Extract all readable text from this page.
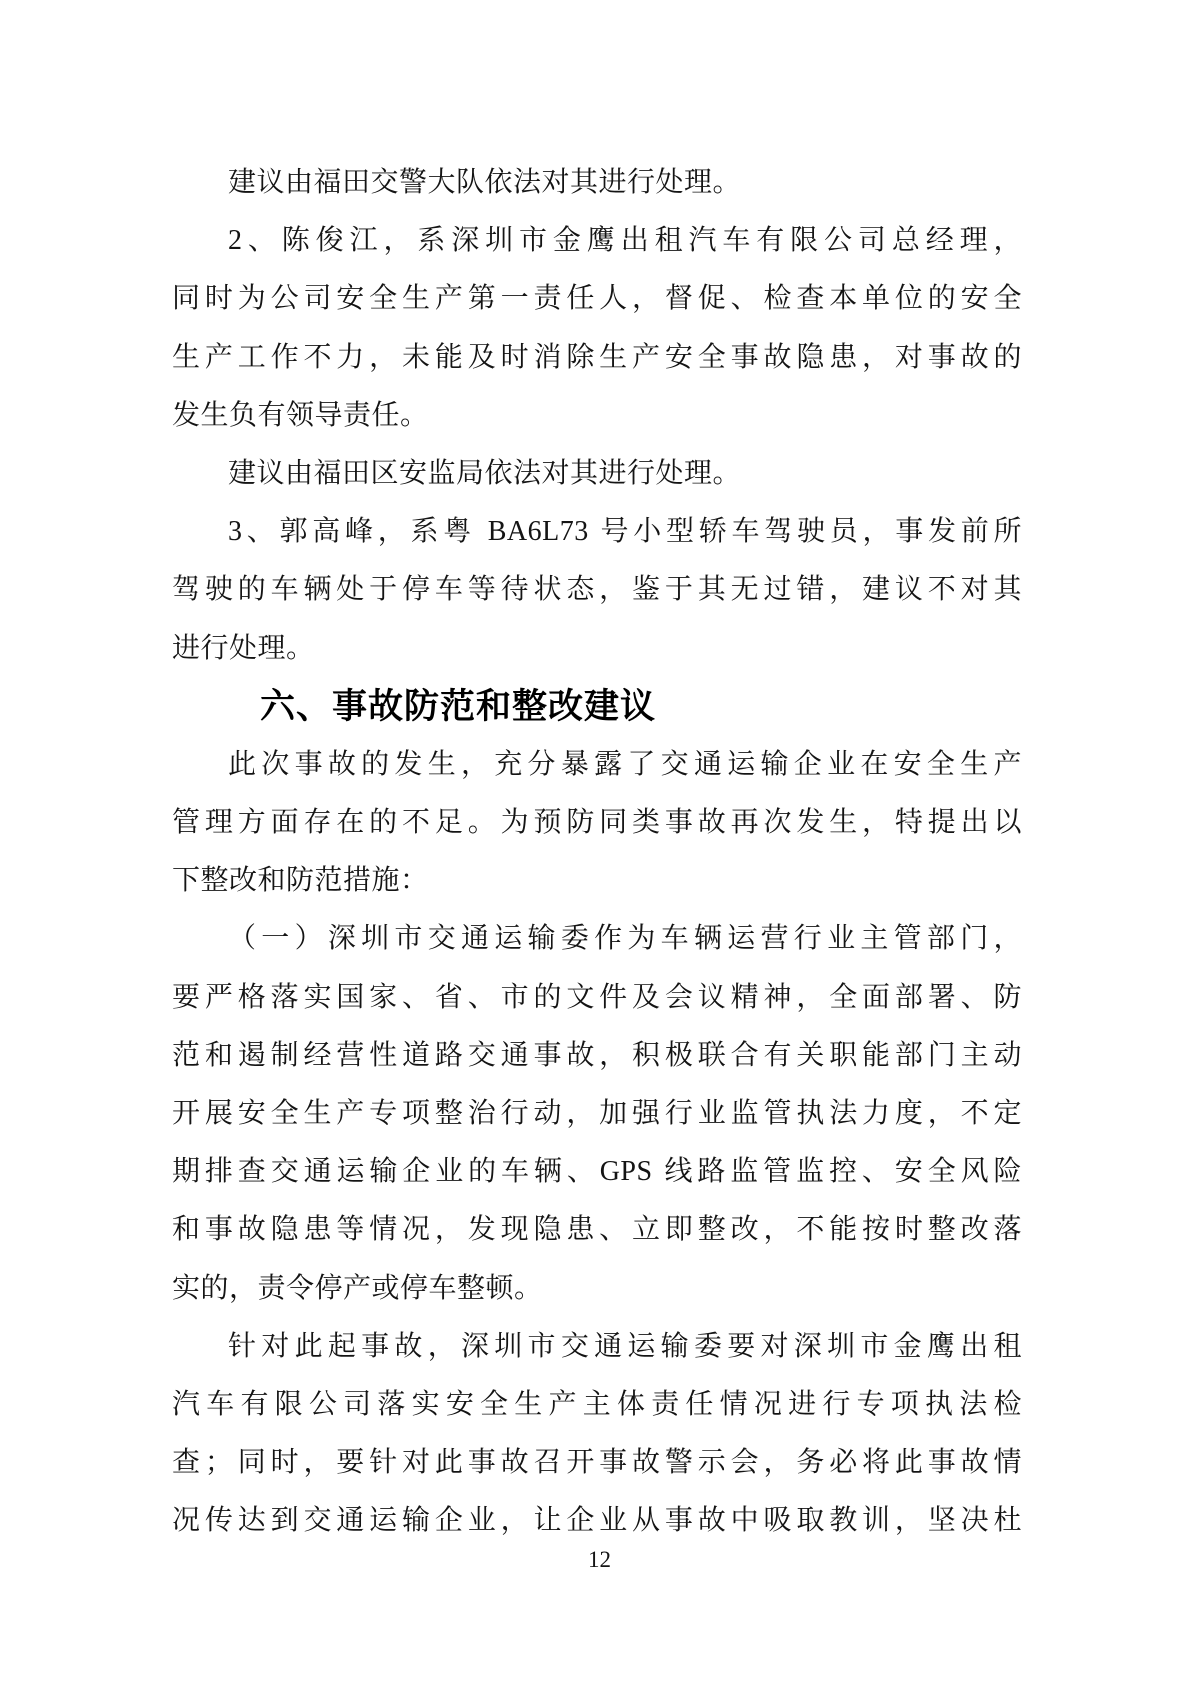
建议由福田交警大队依法对其进行处理。
2、陈俊江，系深圳市金鹰出租汽车有限公司总经理，
同时为公司安全生产第一责任人，督促、检查本单位的安全
生产工作不力，未能及时消除生产安全事故隐患，对事故的
发生负有领导责任。
建议由福田区安监局依法对其进行处理。
3、郭高峰，系粤 BA6L73 号小型轿车驾驶员，事发前所
驾驶的车辆处于停车等待状态，鉴于其无过错，建议不对其
进行处理。
六、事故防范和整改建议
此次事故的发生，充分暴露了交通运输企业在安全生产
管理方面存在的不足。为预防同类事故再次发生，特提出以
下整改和防范措施：
（一）深圳市交通运输委作为车辆运营行业主管部门，
要严格落实国家、省、市的文件及会议精神，全面部署、防
范和遏制经营性道路交通事故，积极联合有关职能部门主动
开展安全生产专项整治行动，加强行业监管执法力度，不定
期排查交通运输企业的车辆、GPS 线路监管监控、安全风险
和事故隐患等情况，发现隐患、立即整改，不能按时整改落
实的，责令停产或停车整顿。
针对此起事故，深圳市交通运输委要对深圳市金鹰出租
汽车有限公司落实安全生产主体责任情况进行专项执法检
查；同时，要针对此事故召开事故警示会，务必将此事故情
况传达到交通运输企业，让企业从事故中吸取教训，坚决杜
12
